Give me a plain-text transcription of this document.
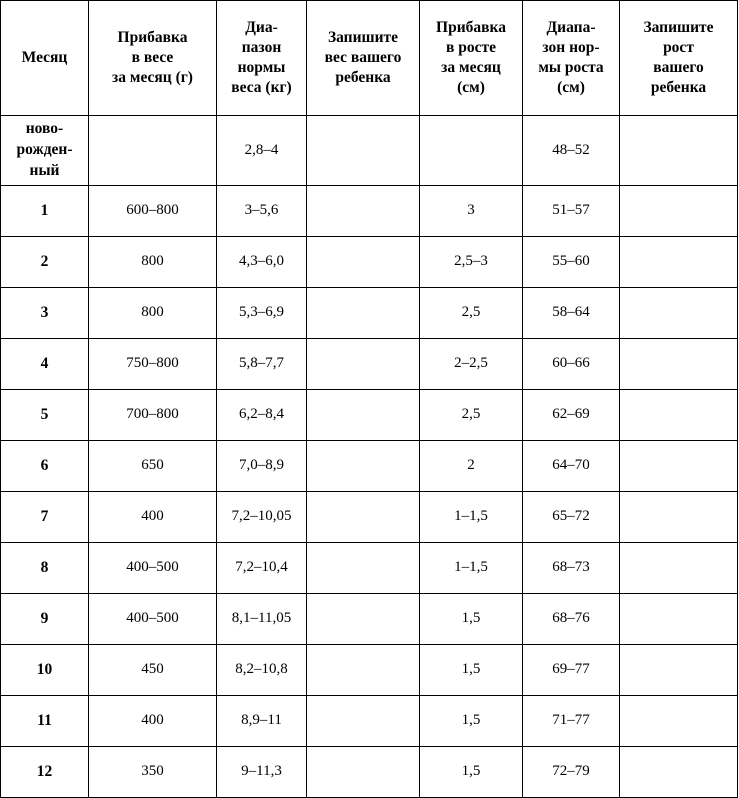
Месяц	Прибавка
в весе
за месяц (г)	Диа-
пазон
нормы
веса (кг)	Запишите
вес вашего
ребенка	Прибавка
в росте
за месяц
(см)	Диапа-
зон нор-
мы роста
(см)	Запишите
рост
вашего
ребенка
ново-
рожден-
ный		2,8–4			48–52	
1	600–800	3–5,6		3	51–57	
2	800	4,3–6,0		2,5–3	55–60	
3	800	5,3–6,9		2,5	58–64	
4	750–800	5,8–7,7		2–2,5	60–66	
5	700–800	6,2–8,4		2,5	62–69	
6	650	7,0–8,9		2	64–70	
7	400	7,2–10,05		1–1,5	65–72	
8	400–500	7,2–10,4		1–1,5	68–73	
9	400–500	8,1–11,05		1,5	68–76	
10	450	8,2–10,8		1,5	69–77	
11	400	8,9–11		1,5	71–77	
12	350	9–11,3		1,5	72–79	
